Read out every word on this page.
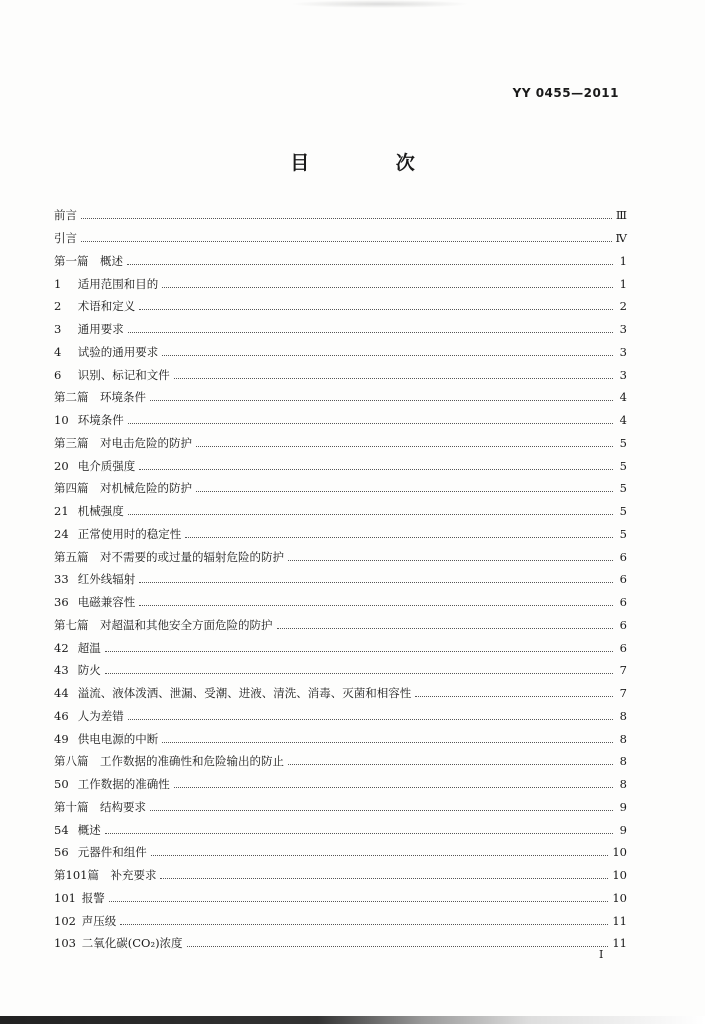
YY 0455—2011
目 次
前言	Ⅲ
引言	Ⅳ
第一篇　概述	1
1  适用范围和目的	1
2  术语和定义	2
3  通用要求	3
4  试验的通用要求	3
6  识别、标记和文件	3
第二篇　环境条件	4
10  环境条件	4
第三篇　对电击危险的防护	5
20  电介质强度	5
第四篇　对机械危险的防护	5
21  机械强度	5
24  正常使用时的稳定性	5
第五篇　对不需要的或过量的辐射危险的防护	6
33  红外线辐射	6
36  电磁兼容性	6
第七篇　对超温和其他安全方面危险的防护	6
42  超温	6
43  防火	7
44  溢流、液体泼洒、泄漏、受潮、进液、清洗、消毒、灭菌和相容性	7
46  人为差错	8
49  供电电源的中断	8
第八篇　工作数据的准确性和危险输出的防止	8
50  工作数据的准确性	8
第十篇　结构要求	9
54  概述	9
56  元器件和组件	10
第101篇　补充要求	10
101  报警	10
102  声压级	11
103  二氧化碳(CO₂)浓度	11
I
